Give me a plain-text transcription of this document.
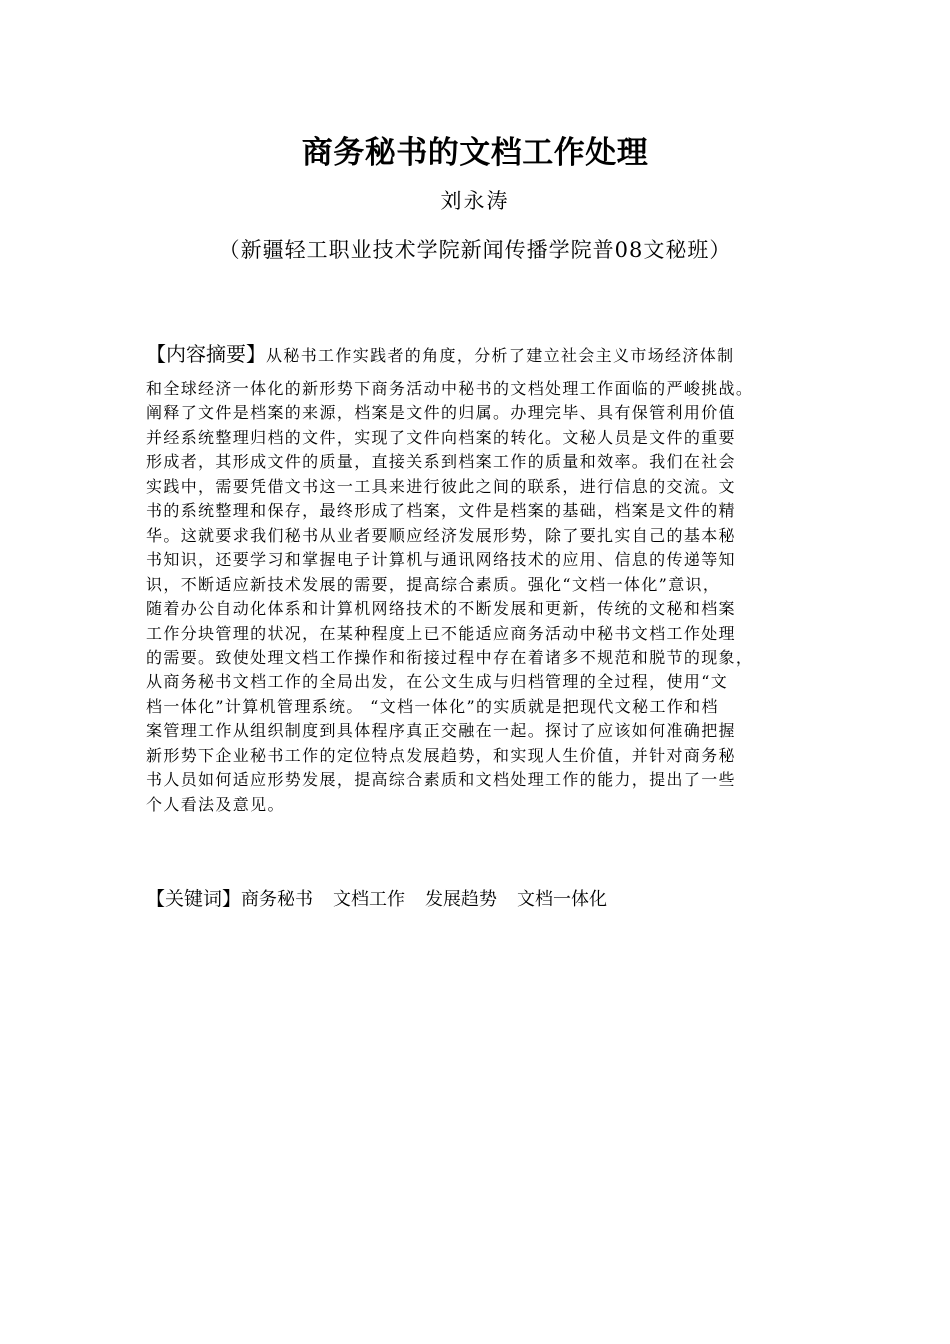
商务秘书的文档工作处理
刘永涛
（新疆轻工职业技术学院新闻传播学院普08文秘班）
【内容摘要】从秘书工作实践者的角度，分析了建立社会主义市场经济体制
和全球经济一体化的新形势下商务活动中秘书的文档处理工作面临的严峻挑战。
阐释了文件是档案的来源，档案是文件的归属。办理完毕、具有保管利用价值
并经系统整理归档的文件，实现了文件向档案的转化。文秘人员是文件的重要
形成者，其形成文件的质量，直接关系到档案工作的质量和效率。我们在社会
实践中，需要凭借文书这一工具来进行彼此之间的联系，进行信息的交流。文
书的系统整理和保存，最终形成了档案，文件是档案的基础，档案是文件的精
华。这就要求我们秘书从业者要顺应经济发展形势，除了要扎实自己的基本秘
书知识，还要学习和掌握电子计算机与通讯网络技术的应用、信息的传递等知
识，不断适应新技术发展的需要，提高综合素质。强化“文档一体化”意识，
随着办公自动化体系和计算机网络技术的不断发展和更新，传统的文秘和档案
工作分块管理的状况，在某种程度上已不能适应商务活动中秘书文档工作处理
的需要。致使处理文档工作操作和衔接过程中存在着诸多不规范和脱节的现象，
从商务秘书文档工作的全局出发，在公文生成与归档管理的全过程，使用“文
档一体化”计算机管理系统。 “文档一体化”的实质就是把现代文秘工作和档
案管理工作从组织制度到具体程序真正交融在一起。探讨了应该如何准确把握
新形势下企业秘书工作的定位特点发展趋势，和实现人生价值，并针对商务秘
书人员如何适应形势发展，提高综合素质和文档处理工作的能力，提出了一些
个人看法及意见。
【关键词】商务秘书 文档工作 发展趋势 文档一体化
